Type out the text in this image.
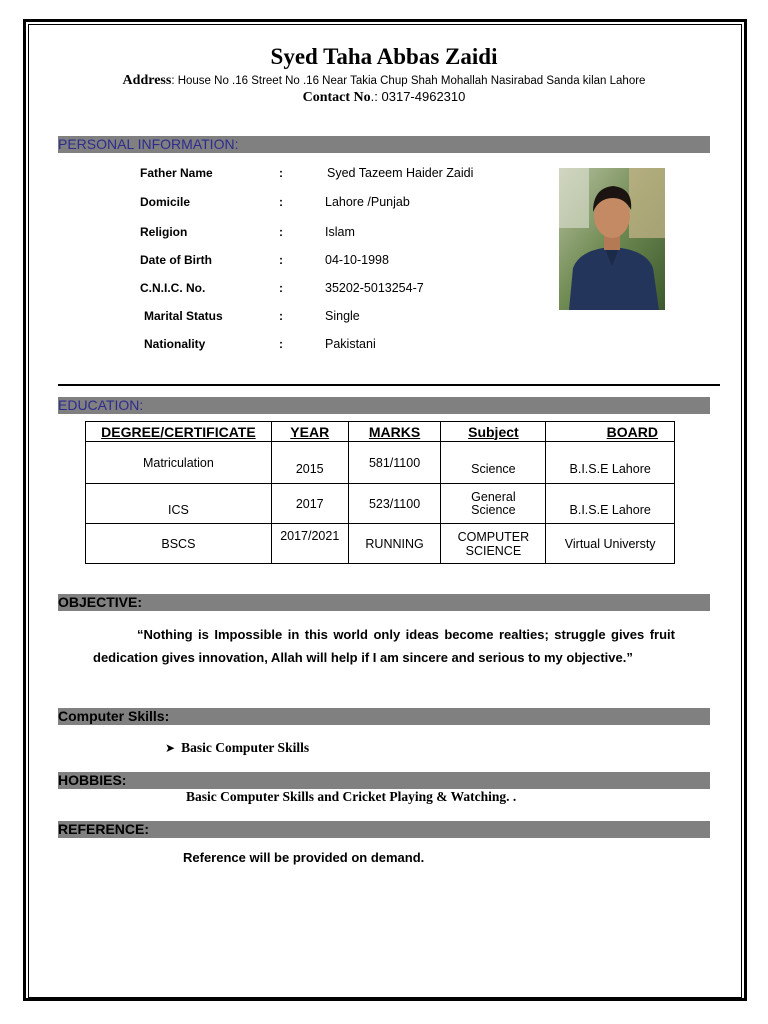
Syed Taha Abbas Zaidi
Address: House No .16 Street No .16 Near Takia Chup Shah Mohallah Nasirabad Sanda kilan Lahore
Contact No.: 0317-4962310
PERSONAL INFORMATION:
Father Name	:	Syed Tazeem Haider Zaidi
Domicile	:	Lahore /Punjab
Religion	:	Islam
Date of Birth	:	04-10-1998
C.N.I.C. No.	:	35202-5013254-7
Marital Status	:	Single
Nationality	:	Pakistani
EDUCATION:
DEGREE/CERTIFICATE	YEAR	MARKS	Subject	BOARD
Matriculation	2015	581/1100	Science	B.I.S.E Lahore
ICS	2017	523/1100	General Science	B.I.S.E Lahore
BSCS	2017/2021	RUNNING	COMPUTER SCIENCE	Virtual Universty
OBJECTIVE:
“Nothing is Impossible in this world only ideas become realties; struggle gives fruit dedication gives innovation, Allah will help if I am sincere and serious to my objective.”
Computer Skills:
➤ Basic Computer Skills
HOBBIES:
Basic Computer Skills and Cricket Playing & Watching. .
REFERENCE:
Reference will be provided on demand.
